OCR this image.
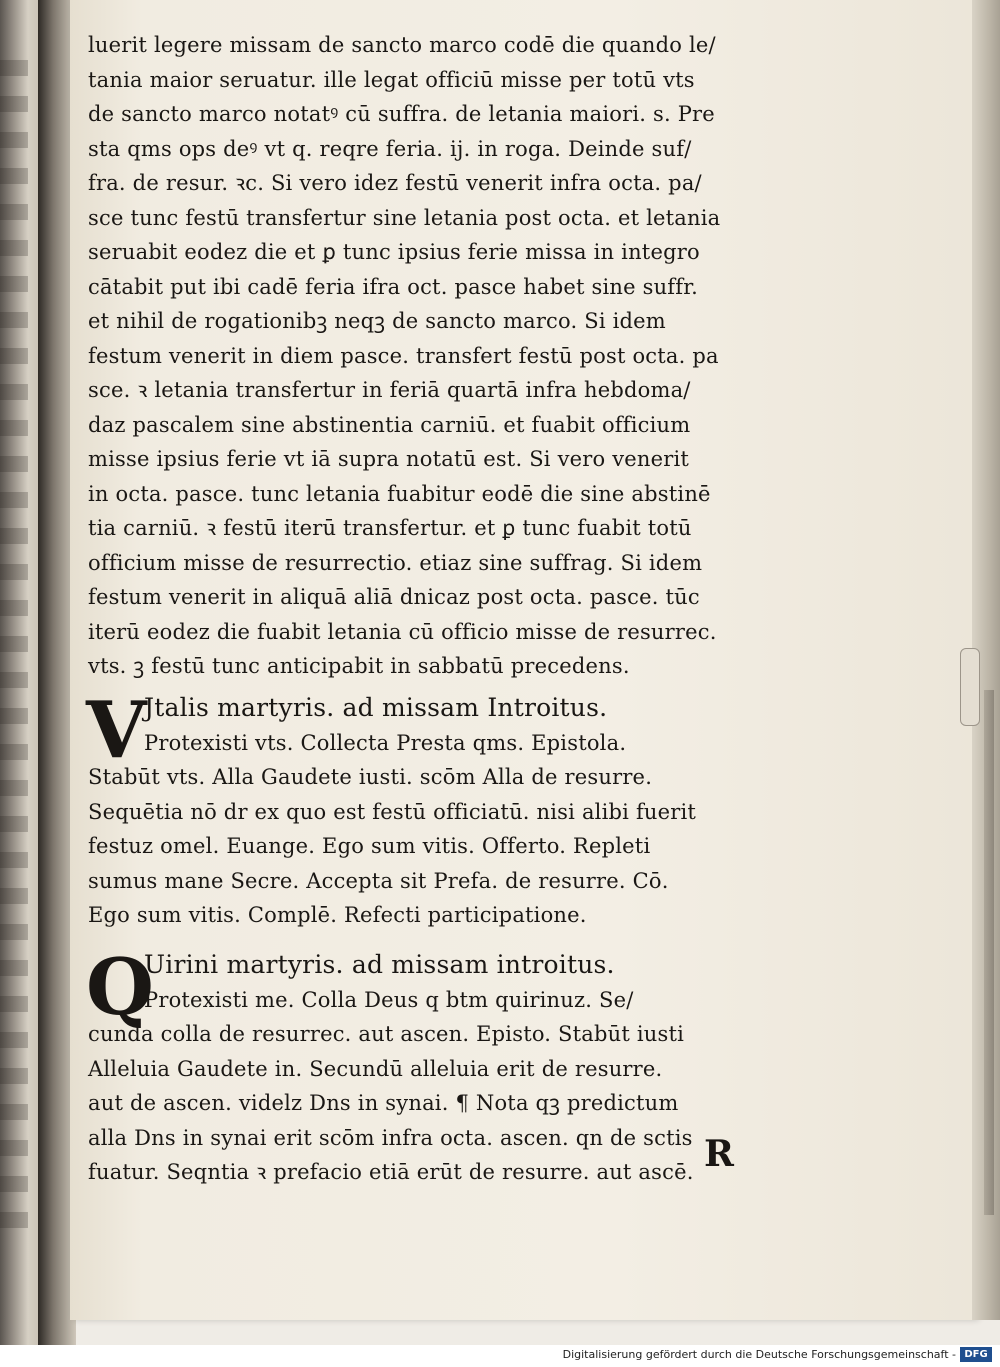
luerit legere missam de sancto marco codē die quando le/
tania maior seruatur. ille legat officiū misse per totū vts
de sancto marco notatꝰ cū suffra. de letania maiori. s. Pre
sta qms ops deꝰ vt q. reqre feria. ij. in roga. Deinde suf/
fra. de resur. ꝛc. Si vero idez festū venerit infra octa. pa/
sce tunc festū transfertur sine letania post octa. et letania
seruabit eodez die et ꝑ tunc ipsius ferie missa in integro
cātabit put ibi cadē feria ifra oct. pasce habet sine suffr.
et nihil de rogationibꝫ neqꝫ de sancto marco. Si idem
festum venerit in diem pasce. transfert festū post octa. pa
sce. ꝛ letania transfertur in feriā quartā infra hebdoma/
daz pascalem sine abstinentia carniū. et fuabit officium
misse ipsius ferie vt iā supra notatū est. Si vero venerit
in octa. pasce. tunc letania fuabitur eodē die sine abstinē
tia carniū. ꝛ festū iterū transfertur. et ꝑ tunc fuabit totū
officium misse de resurrectio. etiaz sine suffrag. Si idem
festum venerit in aliquā aliā dnicaz post octa. pasce. tūc
iterū eodez die fuabit letania cū officio misse de resurrec.
vts. ꝫ festū tunc anticipabit in sabbatū precedens.
V
Jtalis martyris. ad missam Introitus.
Protexisti vts. Collecta Presta qms. Epistola.
Stabūt vts. Alla Gaudete iusti. scōm Alla de resurre.
Sequētia nō dr ex quo est festū officiatū. nisi alibi fuerit
festuz omel. Euange. Ego sum vitis. Offerto. Repleti
sumus mane Secre. Accepta sit Prefa. de resurre. Cō.
Ego sum vitis. Complē. Refecti participatione.
Q
Uirini martyris. ad missam introitus.
Protexisti me. Colla Deus q btm quirinuz. Se/
cunda colla de resurrec. aut ascen. Episto. Stabūt iusti
Alleluia Gaudete in. Secundū alleluia erit de resurre.
aut de ascen. videlz Dns in synai. ¶ Nota qꝫ predictum
alla Dns in synai erit scōm infra octa. ascen. qn de sctis
fuatur. Seqntia ꝛ prefacio etiā erūt de resurre. aut ascē. R
Digitalisierung gefördert durch die Deutsche Forschungsgemeinschaft - DFG
